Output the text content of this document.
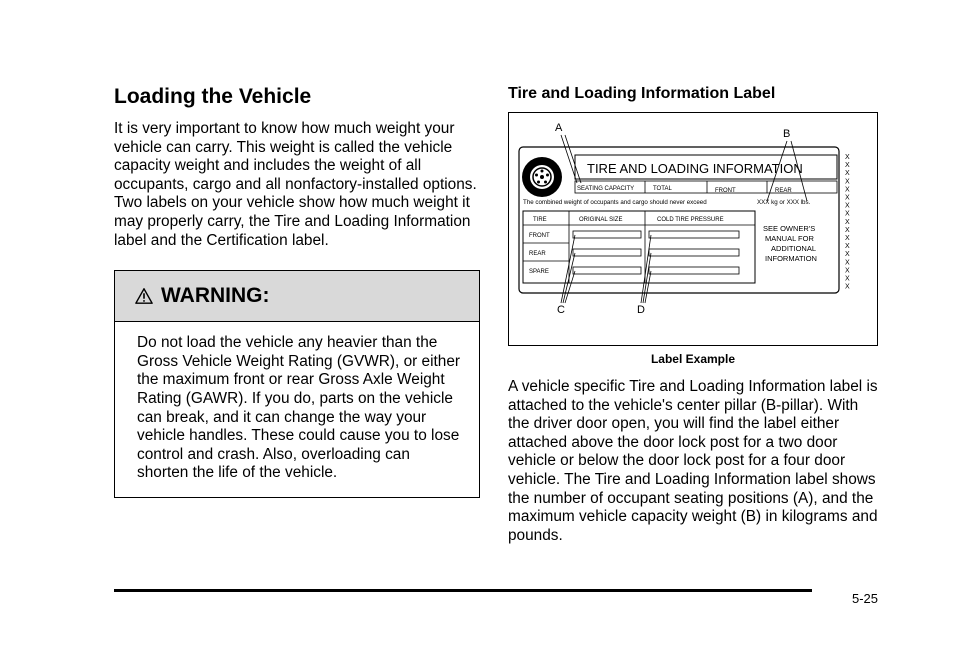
Loading the Vehicle

It is very important to know how much weight your vehicle can carry. This weight is called the vehicle capacity weight and includes the weight of all occupants, cargo and all nonfactory-installed options. Two labels on your vehicle show how much weight it may properly carry, the Tire and Loading Information label and the Certification label.

WARNING:
Do not load the vehicle any heavier than the Gross Vehicle Weight Rating (GVWR), or either the maximum front or rear Gross Axle Weight Rating (GAWR). If you do, parts on the vehicle can break, and it can change the way your vehicle handles. These could cause you to lose control and crash. Also, overloading can shorten the life of the vehicle.
Tire and Loading Information Label
TIRE AND LOADING INFORMATION
SEATING CAPACITY	TOTAL	FRONT	REAR
The combined weight of occupants and cargo should never exceed	XXX kg or XXX lbs.
TIRE	ORIGINAL SIZE	COLD TIRE PRESSURE
FRONT
REAR
SPARE
SEE OWNER'S
MANUAL FOR
ADDITIONAL
INFORMATION
X
X
X
X
X
X
X
X
X
X
X
X
X
X
X
X
X
A	B
C	D
Label Example

A vehicle specific Tire and Loading Information label is attached to the vehicle's center pillar (B-pillar). With the driver door open, you will find the label either attached above the door lock post for a two door vehicle or below the door lock post for a four door vehicle. The Tire and Loading Information label shows the number of occupant seating positions (A), and the maximum vehicle capacity weight (B) in kilograms and pounds.

5-25
